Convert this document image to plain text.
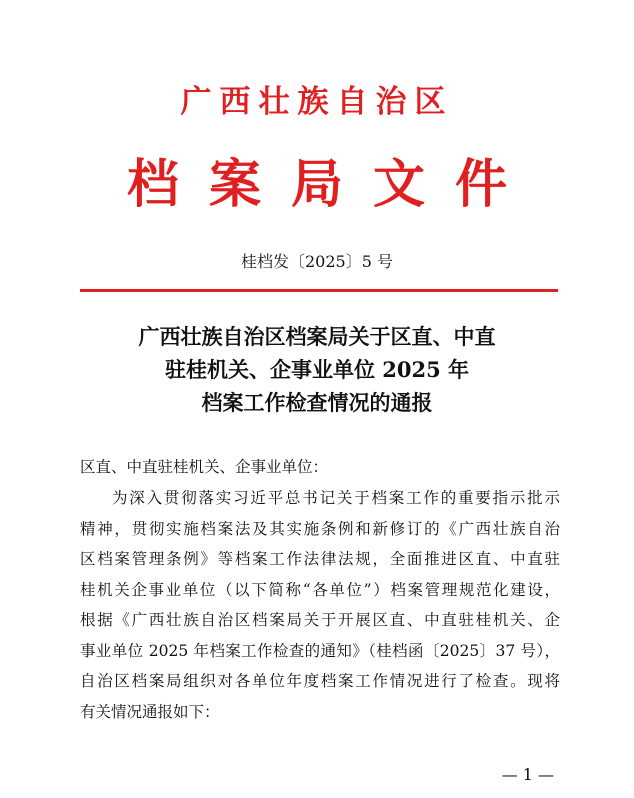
广西壮族自治区
档案局文件
桂档发〔2025〕5 号
广西壮族自治区档案局关于区直、中直
驻桂机关、企事业单位 2025 年
档案工作检查情况的通报
区直、中直驻桂机关、企事业单位：
为深入贯彻落实习近平总书记关于档案工作的重要指示批示
精神，贯彻实施档案法及其实施条例和新修订的《广西壮族自治
区档案管理条例》等档案工作法律法规，全面推进区直、中直驻
桂机关企事业单位（以下简称“各单位”）档案管理规范化建设，
根据《广西壮族自治区档案局关于开展区直、中直驻桂机关、企
事业单位 2025 年档案工作检查的通知》（桂档函〔2025〕37 号），
自治区档案局组织对各单位年度档案工作情况进行了检查。现将
有关情况通报如下：
— 1 —
